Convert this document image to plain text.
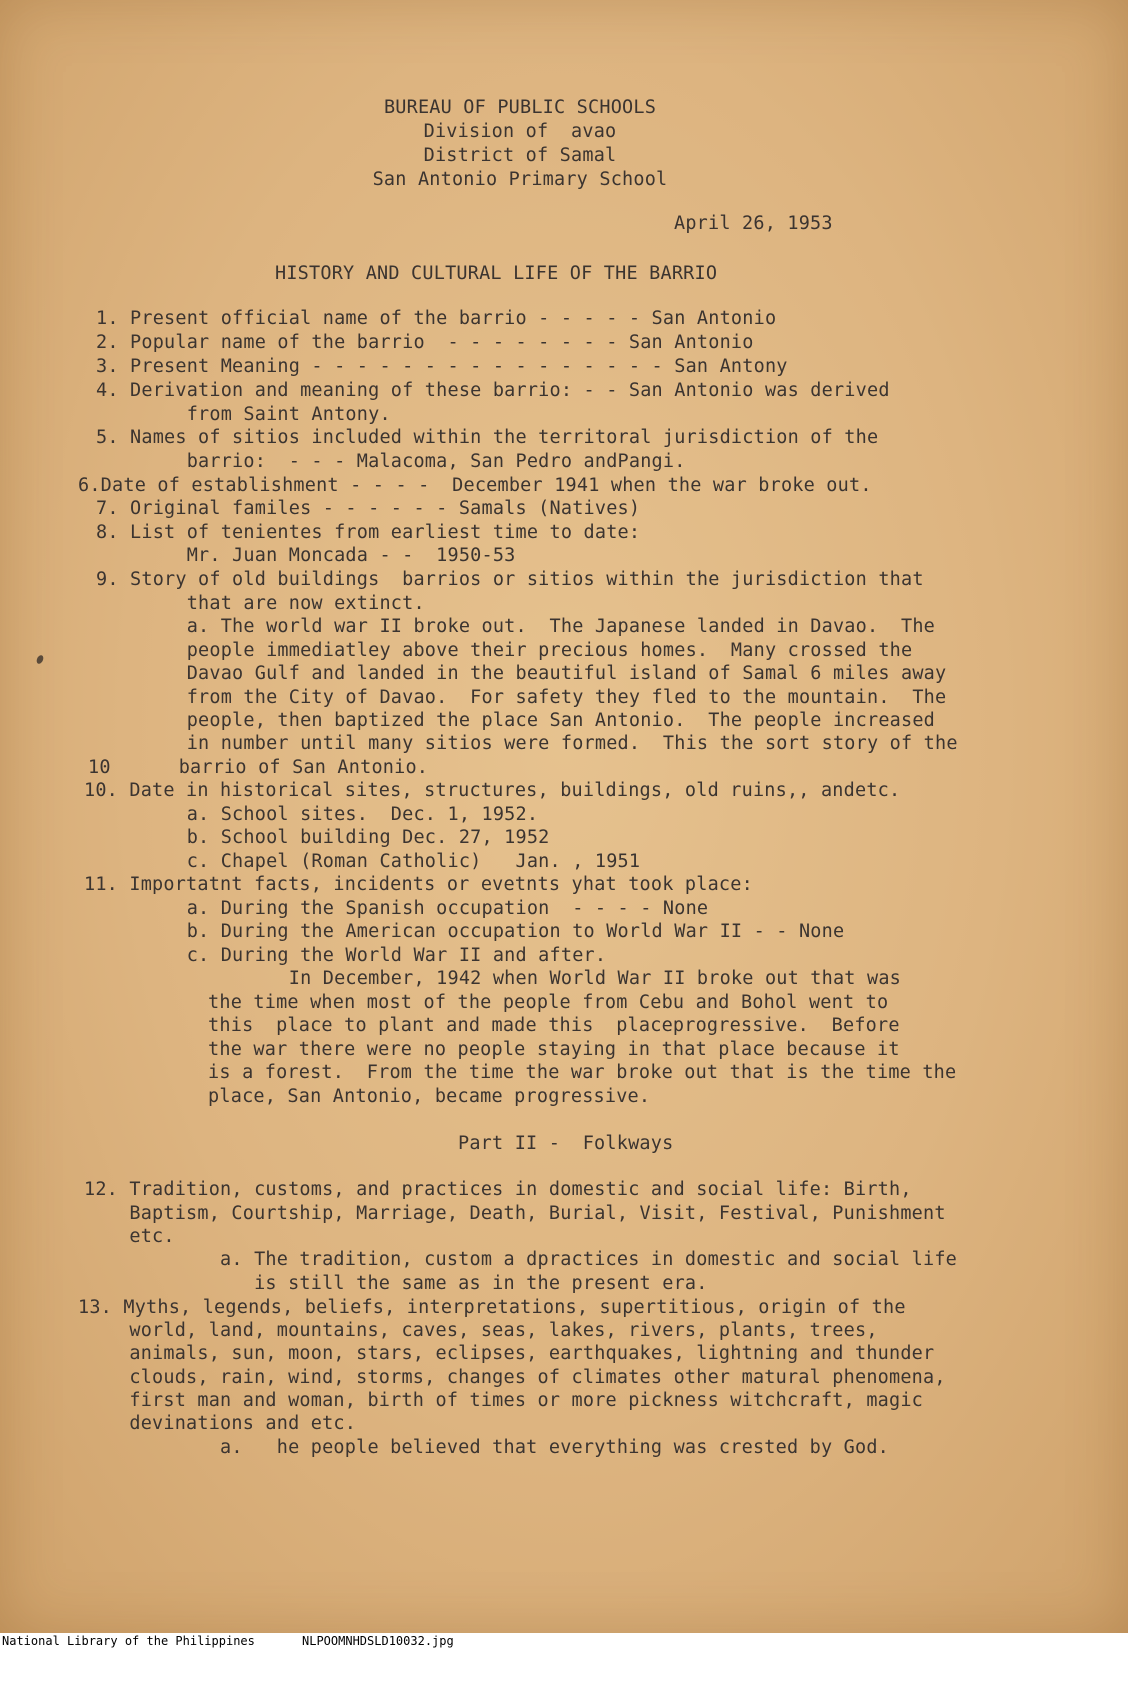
BUREAU OF PUBLIC SCHOOLS
Division of  avao
District of Samal
San Antonio Primary School
April 26, 1953
HISTORY AND CULTURAL LIFE OF THE BARRIO
1. Present official name of the barrio - - - - - San Antonio
2. Popular name of the barrio  - - - - - - - - San Antonio
3. Present Meaning - - - - - - - - - - - - - - - - San Antony
4. Derivation and meaning of these barrio: - - San Antonio was derived
from Saint Antony.
5. Names of sitios included within the territoral jurisdiction of the
barrio:  - - - Malacoma, San Pedro andPangi.
6.Date of establishment - - - -  December 1941 when the war broke out.
7. Original familes - - - - - - Samals (Natives)
8. List of tenientes from earliest time to date:
Mr. Juan Moncada - -  1950-53
9. Story of old buildings  barrios or sitios within the jurisdiction that
that are now extinct.
a. The world war II broke out.  The Japanese landed in Davao.  The
people immediatley above their precious homes.  Many crossed the
Davao Gulf and landed in the beautiful island of Samal 6 miles away
from the City of Davao.  For safety they fled to the mountain.  The
people, then baptized the place San Antonio.  The people increased
in number until many sitios were formed.  This the sort story of the
10      barrio of San Antonio.
10. Date in historical sites, structures, buildings, old ruins,, andetc.
a. School sites.  Dec. 1, 1952.
b. School building Dec. 27, 1952
c. Chapel (Roman Catholic)   Jan. , 1951
11. Importatnt facts, incidents or evetnts yhat took place:
a. During the Spanish occupation  - - - - None
b. During the American occupation to World War II - - None
c. During the World War II and after.
In December, 1942 when World War II broke out that was
the time when most of the people from Cebu and Bohol went to
this  place to plant and made this  placeprogressive.  Before
the war there were no people staying in that place because it
is a forest.  From the time the war broke out that is the time the
place, San Antonio, became progressive.
Part II -  Folkways
12. Tradition, customs, and practices in domestic and social life: Birth,
Baptism, Courtship, Marriage, Death, Burial, Visit, Festival, Punishment
etc.
a. The tradition, custom a dpractices in domestic and social life
is still the same as in the present era.
13. Myths, legends, beliefs, interpretations, supertitious, origin of the
world, land, mountains, caves, seas, lakes, rivers, plants, trees,
animals, sun, moon, stars, eclipses, earthquakes, lightning and thunder
clouds, rain, wind, storms, changes of climates other matural phenomena,
first man and woman, birth of times or more pickness witchcraft, magic
devinations and etc.
a.   he people believed that everything was crested by God.

National Library of the Philippines

	NLPOOMNHDSLD10032.jpg
